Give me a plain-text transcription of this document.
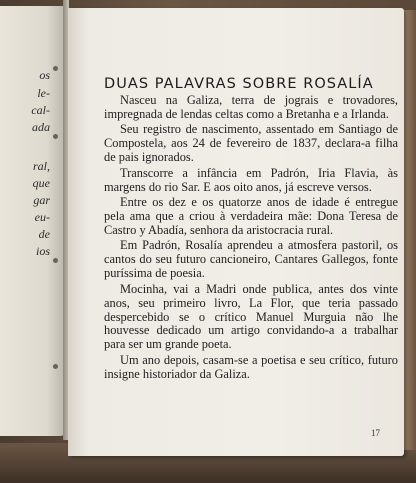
os
le-
cal-
ada
ral,
que
gar
eu-
de
ios
DUAS PALAVRAS SOBRE ROSALÍA

Nasceu na Galiza, terra de jograis e trovadores, impregnada de lendas celtas como a Bretanha e a Irlanda.

Seu registro de nascimento, assentado em Santiago de Compostela, aos 24 de fevereiro de 1837, declara-a filha de pais ignorados.

Transcorre a infância em Padrón, Iria Flavia, às margens do rio Sar. E aos oito anos, já escreve versos.

Entre os dez e os quatorze anos de idade é entregue pela ama que a criou à verdadeira mãe: Dona Teresa de Castro y Abadía, senhora da aristocracia rural.

Em Padrón, Rosalía aprendeu a atmosfera pastoril, os cantos do seu futuro cancioneiro, Cantares Gallegos, fonte puríssima de poesia.

Mocinha, vai a Madri onde publica, antes dos vinte anos, seu primeiro livro, La Flor, que teria passado despercebido se o crítico Manuel Murguia não lhe houvesse dedicado um artigo convidando-a a trabalhar para ser um grande poeta.

Um ano depois, casam-se a poetisa e seu crítico, futuro insigne historiador da Galiza.

17
